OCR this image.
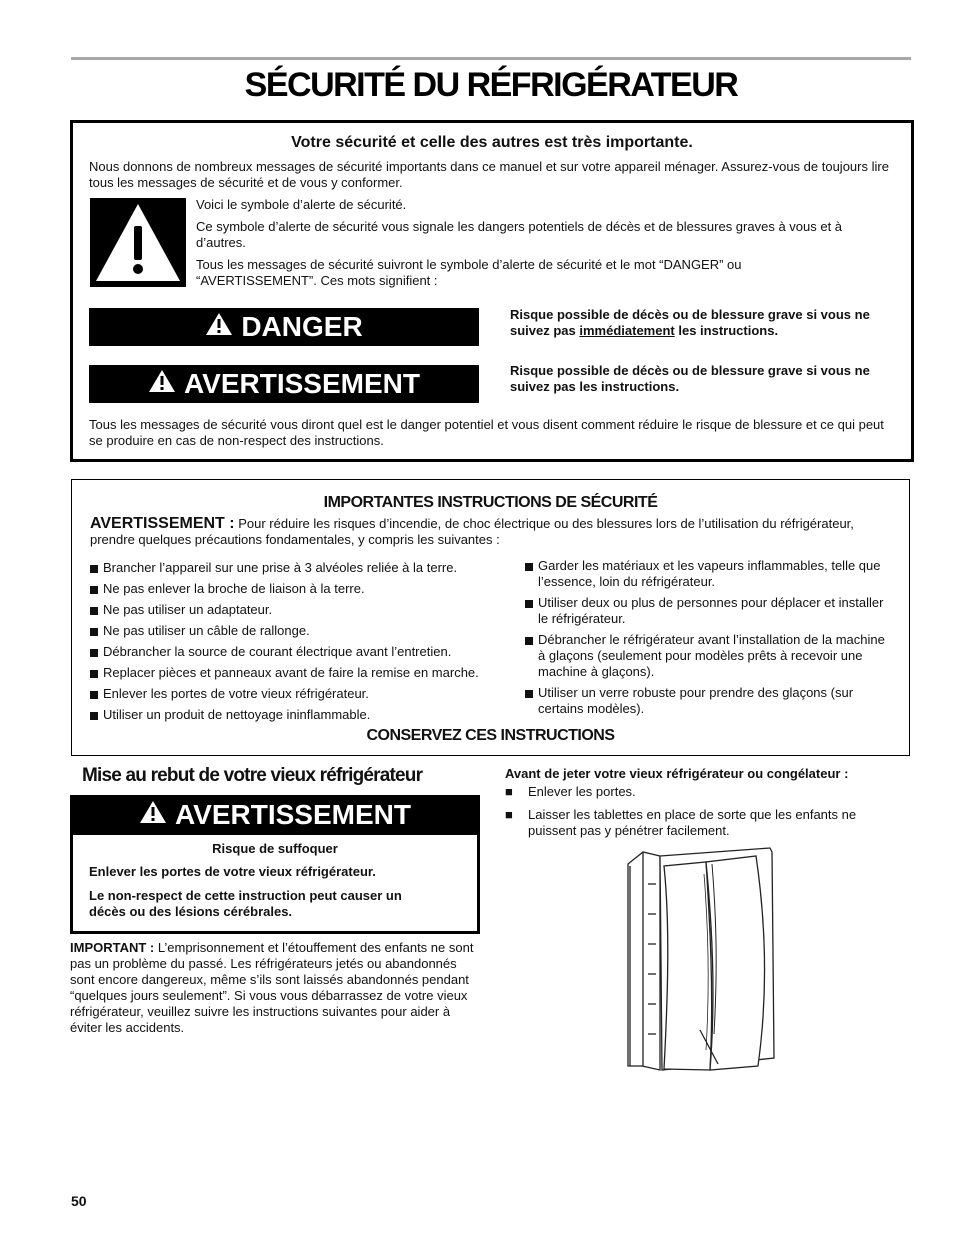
SÉCURITÉ DU RÉFRIGÉRATEUR
Votre sécurité et celle des autres est très importante.
Nous donnons de nombreux messages de sécurité importants dans ce manuel et sur votre appareil ménager. Assurez-vous de toujours lire tous les messages de sécurité et de vous y conformer.
Voici le symbole d’alerte de sécurité.
Ce symbole d’alerte de sécurité vous signale les dangers potentiels de décès et de blessures graves à vous et à d’autres.
Tous les messages de sécurité suivront le symbole d’alerte de sécurité et le mot “DANGER” ou “AVERTISSEMENT”. Ces mots signifient :
DANGER	Risque possible de décès ou de blessure grave si vous ne suivez pas immédiatement les instructions.
AVERTISSEMENT	Risque possible de décès ou de blessure grave si vous ne suivez pas les instructions.
Tous les messages de sécurité vous diront quel est le danger potentiel et vous disent comment réduire le risque de blessure et ce qui peut se produire en cas de non-respect des instructions.
IMPORTANTES INSTRUCTIONS DE SÉCURITÉ
AVERTISSEMENT : Pour réduire les risques d’incendie, de choc électrique ou des blessures lors de l’utilisation du réfrigérateur, prendre quelques précautions fondamentales, y compris les suivantes :
Brancher l’appareil sur une prise à 3 alvéoles reliée à la terre.
Ne pas enlever la broche de liaison à la terre.
Ne pas utiliser un adaptateur.
Ne pas utiliser un câble de rallonge.
Débrancher la source de courant électrique avant l’entretien.
Replacer pièces et panneaux avant de faire la remise en marche.
Enlever les portes de votre vieux réfrigérateur.
Utiliser un produit de nettoyage ininflammable.
Garder les matériaux et les vapeurs inflammables, telle que l’essence, loin du réfrigérateur.
Utiliser deux ou plus de personnes pour déplacer et installer le réfrigérateur.
Débrancher le réfrigérateur avant l’installation de la machine à glaçons (seulement pour modèles prêts à recevoir une machine à glaçons).
Utiliser un verre robuste pour prendre des glaçons (sur certains modèles).
CONSERVEZ CES INSTRUCTIONS
Mise au rebut de votre vieux réfrigérateur
AVERTISSEMENT
Risque de suffoquer
Enlever les portes de votre vieux réfrigérateur.
Le non-respect de cette instruction peut causer un décès ou des lésions cérébrales.
IMPORTANT : L’emprisonnement et l’étouffement des enfants ne sont pas un problème du passé. Les réfrigérateurs jetés ou abandonnés sont encore dangereux, même s’ils sont laissés abandonnés pendant “quelques jours seulement”. Si vous vous débarrassez de votre vieux réfrigérateur, veuillez suivre les instructions suivantes pour aider à éviter les accidents.
Avant de jeter votre vieux réfrigérateur ou congélateur :
■	Enlever les portes.
■	Laisser les tablettes en place de sorte que les enfants ne puissent pas y pénétrer facilement.
50
